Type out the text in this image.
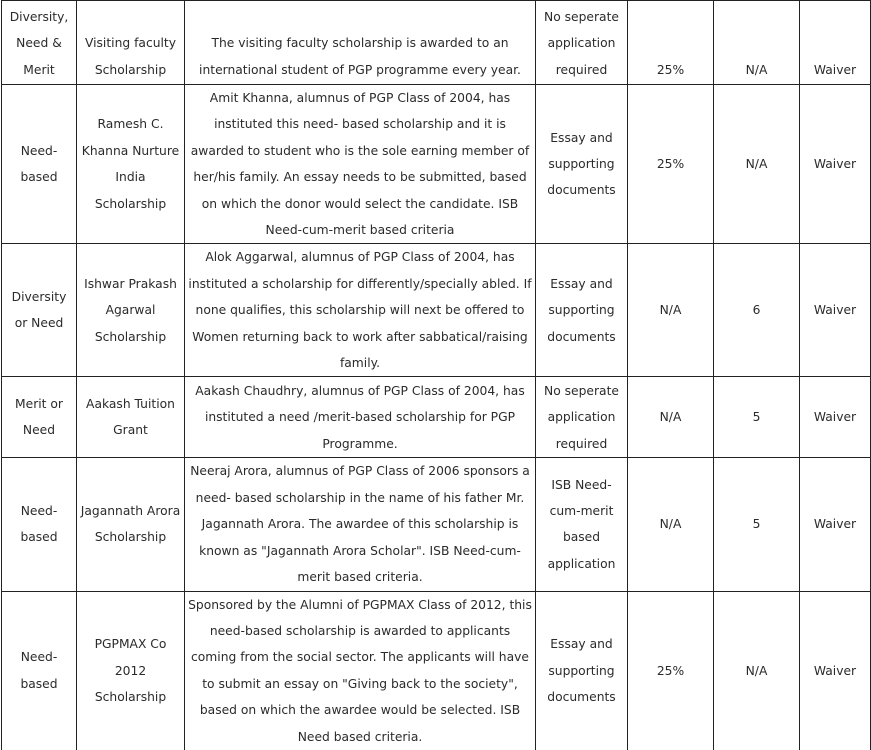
Diversity, Need & Merit	Visiting faculty Scholarship	The visiting faculty scholarship is awarded to an international student of PGP programme every year.	No seperate application required	25%	N/A	Waiver
Need-based	Ramesh C. Khanna Nurture India Scholarship	Amit Khanna, alumnus of PGP Class of 2004, has instituted this need- based scholarship and it is awarded to student who is the sole earning member of her/his family. An essay needs to be submitted, based on which the donor would select the candidate. ISB Need-cum-merit based criteria	Essay and supporting documents	25%	N/A	Waiver
Diversity or Need	Ishwar Prakash Agarwal Scholarship	Alok Aggarwal, alumnus of PGP Class of 2004, has instituted a scholarship for differently/specially abled. If none qualifies, this scholarship will next be offered to Women returning back to work after sabbatical/raising family.	Essay and supporting documents	N/A	6	Waiver
Merit or Need	Aakash Tuition Grant	Aakash Chaudhry, alumnus of PGP Class of 2004, has instituted a need /merit-based scholarship for PGP Programme.	No seperate application required	N/A	5	Waiver
Need-based	Jagannath Arora Scholarship	Neeraj Arora, alumnus of PGP Class of 2006 sponsors a need- based scholarship in the name of his father Mr. Jagannath Arora. The awardee of this scholarship is known as "Jagannath Arora Scholar". ISB Need-cum-merit based criteria.	ISB Need-cum-merit based application	N/A	5	Waiver
Need-based	PGPMAX Co 2012 Scholarship	Sponsored by the Alumni of PGPMAX Class of 2012, this need-based scholarship is awarded to applicants coming from the social sector. The applicants will have to submit an essay on "Giving back to the society", based on which the awardee would be selected. ISB Need based criteria.	Essay and supporting documents	25%	N/A	Waiver
